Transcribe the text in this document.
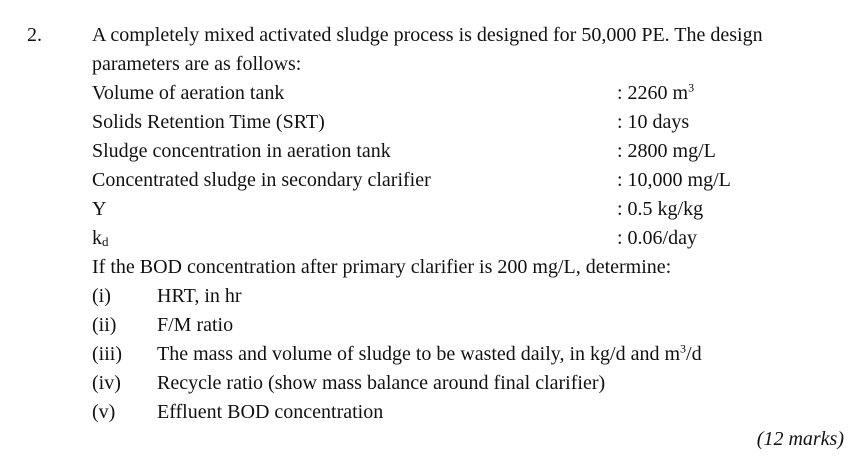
2.	A completely mixed activated sludge process is designed for 50,000 PE. The design
parameters are as follows:
Volume of aeration tank	: 2260 $m^3$
Solids Retention Time (SRT)	: 10 days
Sludge concentration in aeration tank	: 2800 mg/L
Concentrated sludge in secondary clarifier	: 10,000 mg/L
Y	: 0.5 kg/kg
$k_d$	: 0.06/day
If the BOD concentration after primary clarifier is 200 mg/L, determine:
(i) HRT, in hr
(ii) F/M ratio
(iii) The mass and volume of sludge to be wasted daily, in kg/d and $m^3/d$
(iv) Recycle ratio (show mass balance around final clarifier)
(v) Effluent BOD concentration
(12 marks)
